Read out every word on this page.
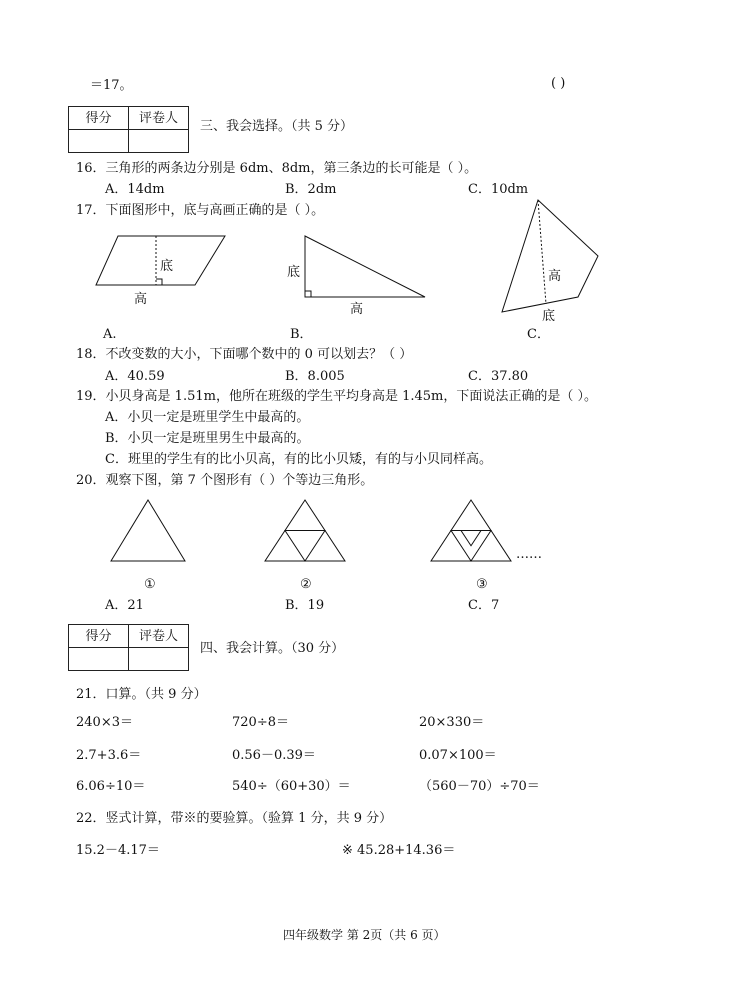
＝17。	( )
得分	评卷人

三、我会选择。（共 5 分）
16．三角形的两条边分别是 6dm、8dm，第三条边的长可能是（ ）。
A．14dm	B．2dm	C．10dm
17．下面图形中，底与高画正确的是（ ）。
底
高
底
高
高
底
A.	B．	C．
18．不改变数的大小，下面哪个数中的 0 可以划去？（ ）
A．40.59	B．8.005	C．37.80
19．小贝身高是 1.51m，他所在班级的学生平均身高是 1.45m，下面说法正确的是（ ）。
A．小贝一定是班里学生中最高的。
B．小贝一定是班里男生中最高的。
C．班里的学生有的比小贝高，有的比小贝矮，有的与小贝同样高。
20．观察下图，第 7 个图形有（ ）个等边三角形。
……
①	②	③
A．21	B．19	C．7
得分	评卷人

四、我会计算。（30 分）
21．口算。（共 9 分）
240×3＝	720÷8＝	20×330＝
2.7+3.6＝	0.56－0.39＝	0.07×100＝
6.06÷10＝	540÷（60+30）＝	（560－70）÷70＝
22．竖式计算，带※的要验算。（验算 1 分，共 9 分）
15.2－4.17＝	※ 45.28+14.36＝
四年级数学 第 2页（共 6 页）
